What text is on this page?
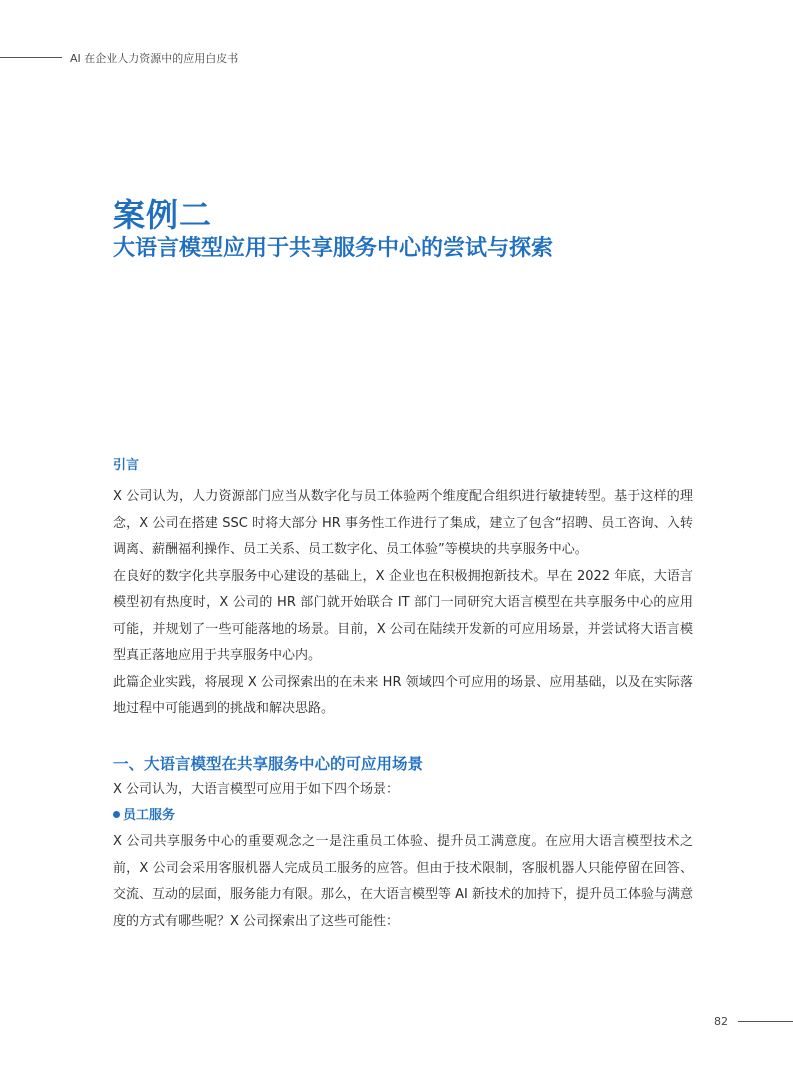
AI 在企业人力资源中的应用白皮书
案例二
大语言模型应用于共享服务中心的尝试与探索

引言

X 公司认为，人力资源部门应当从数字化与员工体验两个维度配合组织进行敏捷转型。基于这样的理念，X 公司在搭建 SSC 时将大部分 HR 事务性工作进行了集成，建立了包含“招聘、员工咨询、入转调离、薪酬福利操作、员工关系、员工数字化、员工体验”等模块的共享服务中心。

在良好的数字化共享服务中心建设的基础上，X 企业也在积极拥抱新技术。早在 2022 年底，大语言模型初有热度时，X 公司的 HR 部门就开始联合 IT 部门一同研究大语言模型在共享服务中心的应用可能，并规划了一些可能落地的场景。目前，X 公司在陆续开发新的可应用场景，并尝试将大语言模型真正落地应用于共享服务中心内。

此篇企业实践，将展现 X 公司探索出的在未来 HR 领域四个可应用的场景、应用基础，以及在实际落地过程中可能遇到的挑战和解决思路。

一、大语言模型在共享服务中心的可应用场景

X 公司认为，大语言模型可应用于如下四个场景：

员工服务

X 公司共享服务中心的重要观念之一是注重员工体验、提升员工满意度。在应用大语言模型技术之前，X 公司会采用客服机器人完成员工服务的应答。但由于技术限制，客服机器人只能停留在回答、交流、互动的层面，服务能力有限。那么，在大语言模型等 AI 新技术的加持下，提升员工体验与满意度的方式有哪些呢？X 公司探索出了这些可能性：

82
